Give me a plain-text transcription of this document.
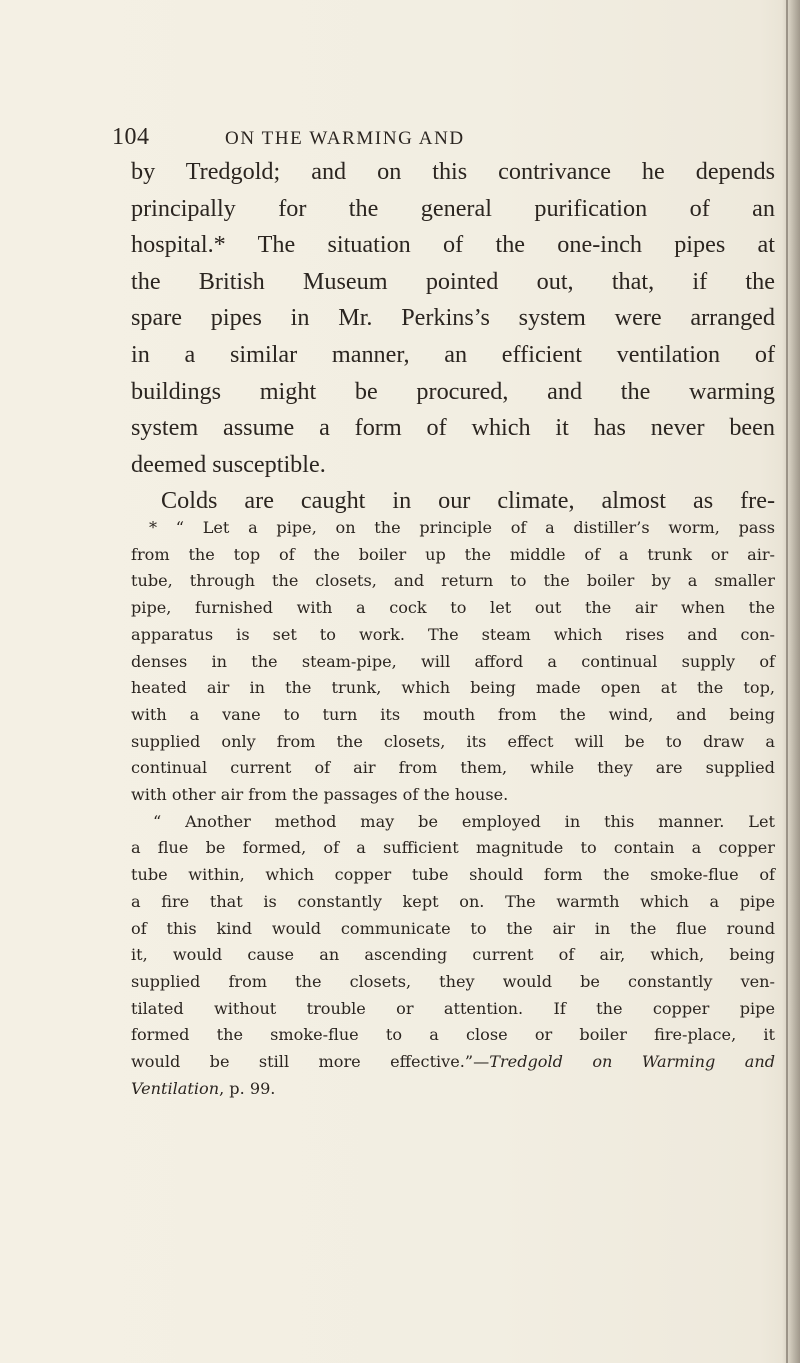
104	ON THE WARMING AND
by Tredgold; and on this contrivance he depends
principally for the general purification of an
hospital.* The situation of the one-inch pipes at
the British Museum pointed out, that, if the
spare pipes in Mr. Perkins’s system were arranged
in a similar manner, an efficient ventilation of
buildings might be procured, and the warming
system assume a form of which it has never been
deemed susceptible.
Colds are caught in our climate, almost as fre-
* “ Let a pipe, on the principle of a distiller’s worm, pass
from the top of the boiler up the middle of a trunk or air-
tube, through the closets, and return to the boiler by a smaller
pipe, furnished with a cock to let out the air when the
apparatus is set to work. The steam which rises and con-
denses in the steam-pipe, will afford a continual supply of
heated air in the trunk, which being made open at the top,
with a vane to turn its mouth from the wind, and being
supplied only from the closets, its effect will be to draw a
continual current of air from them, while they are supplied
with other air from the passages of the house.
“ Another method may be employed in this manner. Let
a flue be formed, of a sufficient magnitude to contain a copper
tube within, which copper tube should form the smoke-flue of
a fire that is constantly kept on. The warmth which a pipe
of this kind would communicate to the air in the flue round
it, would cause an ascending current of air, which, being
supplied from the closets, they would be constantly ven-
tilated without trouble or attention. If the copper pipe
formed the smoke-flue to a close or boiler fire-place, it
would be still more effective.”—Tredgold on Warming and
Ventilation, p. 99.
